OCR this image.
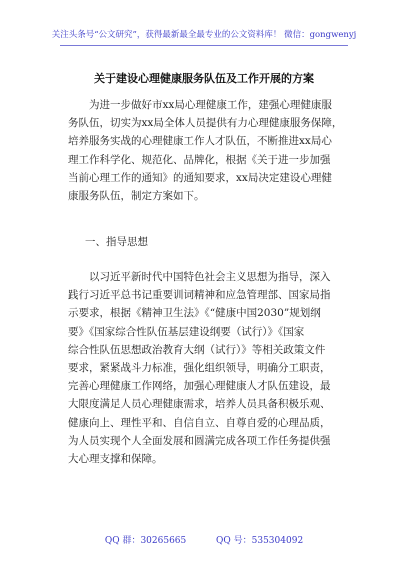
关注头条号“公文研究”，获得最新最全最专业的公文资料库！ 微信：gongwenyj
关于建设心理健康服务队伍及工作开展的方案
　　为进一步做好市xx局心理健康工作，建强心理健康服
务队伍，切实为xx局全体人员提供有力心理健康服务保障，
培养服务实战的心理健康工作人才队伍，不断推进xx局心
理工作科学化、规范化、品牌化，根据《关于进一步加强
当前心理工作的通知》的通知要求，xx局决定建设心理健
康服务队伍，制定方案如下。
一、指导思想
　　以习近平新时代中国特色社会主义思想为指导，深入
践行习近平总书记重要训词精神和应急管理部、国家局指
示要求，根据《精神卫生法》《“健康中国2030”规划纲
要》《国家综合性队伍基层建设纲要（试行）》《国家
综合性队伍思想政治教育大纲（试行）》等相关政策文件
要求，紧紧战斗力标准，强化组织领导，明确分工职责，
完善心理健康工作网络，加强心理健康人才队伍建设，最
大限度满足人员心理健康需求，培养人员具备积极乐观、
健康向上、理性平和、自信自立、自尊自爱的心理品质，
为人员实现个人全面发展和圆满完成各项工作任务提供强
大心理支撑和保障。
QQ 群：30265665	QQ 号：535304092
